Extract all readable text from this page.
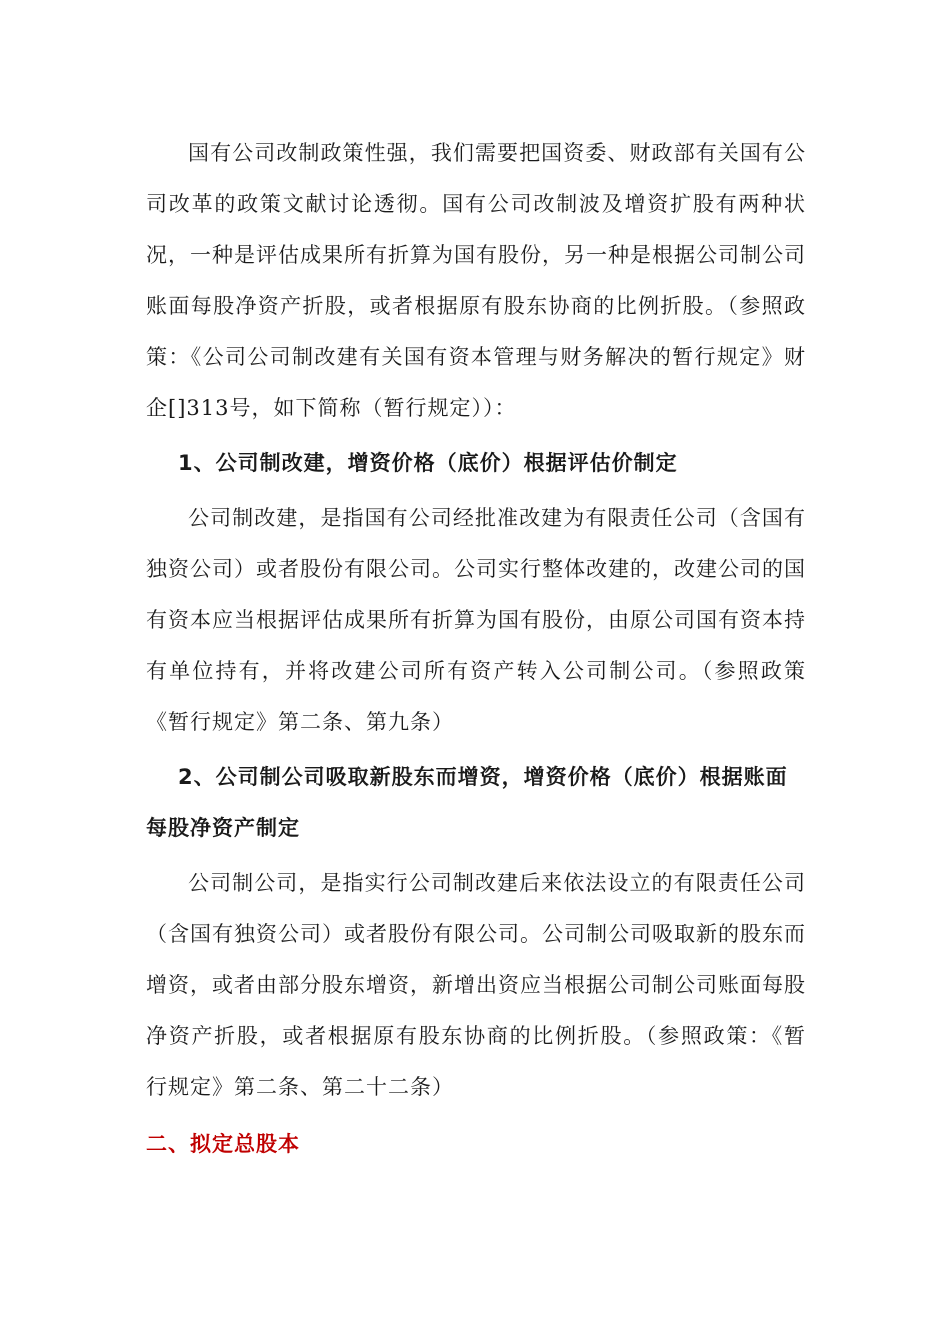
国有公司改制政策性强，我们需要把国资委、财政部有关国有公司改革的政策文献讨论透彻。国有公司改制波及增资扩股有两种状况，一种是评估成果所有折算为国有股份，另一种是根据公司制公司账面每股净资产折股，或者根据原有股东协商的比例折股。（参照政策：《公司公司制改建有关国有资本管理与财务解决的暂行规定》财企[]313号，如下简称（暂行规定））：

1、公司制改建，增资价格（底价）根据评估价制定

公司制改建，是指国有公司经批准改建为有限责任公司（含国有独资公司）或者股份有限公司。公司实行整体改建的，改建公司的国有资本应当根据评估成果所有折算为国有股份，由原公司国有资本持有单位持有，并将改建公司所有资产转入公司制公司。（参照政策《暂行规定》第二条、第九条）

2、公司制公司吸取新股东而增资，增资价格（底价）根据账面每股净资产制定

公司制公司，是指实行公司制改建后来依法设立的有限责任公司（含国有独资公司）或者股份有限公司。公司制公司吸取新的股东而增资，或者由部分股东增资，新增出资应当根据公司制公司账面每股净资产折股，或者根据原有股东协商的比例折股。（参照政策：《暂行规定》第二条、第二十二条）

二、拟定总股本
